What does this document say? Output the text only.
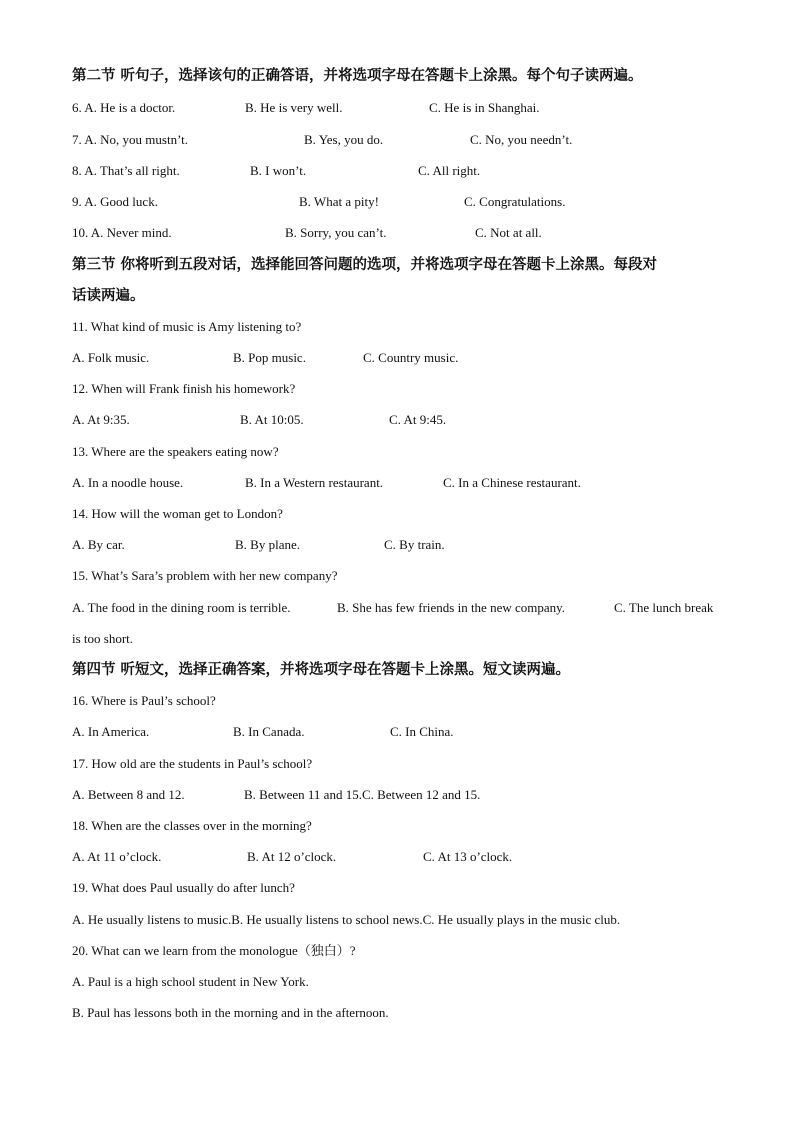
第二节 听句子，选择该句的正确答语，并将选项字母在答题卡上涂黑。每个句子读两遍。
6. A. He is a doctor.	B. He is very well.	C. He is in Shanghai.
7. A. No, you mustn’t.	B. Yes, you do.	C. No, you needn’t.
8. A. That’s all right.	B. I won’t.	C. All right.
9. A. Good luck.	B. What a pity!	C. Congratulations.
10. A. Never mind.	B. Sorry, you can’t.	C. Not at all.
第三节 你将听到五段对话，选择能回答问题的选项，并将选项字母在答题卡上涂黑。每段对
话读两遍。
11. What kind of music is Amy listening to?
A. Folk music.	B. Pop music.	C. Country music.
12. When will Frank finish his homework?
A. At 9:35.	B. At 10:05.	C. At 9:45.
13. Where are the speakers eating now?
A. In a noodle house.	B. In a Western restaurant.	C. In a Chinese restaurant.
14. How will the woman get to London?
A. By car.	B. By plane.	C. By train.
15. What’s Sara’s problem with her new company?
A. The food in the dining room is terrible.	B. She has few friends in the new company.	C. The lunch break
is too short.
第四节 听短文，选择正确答案，并将选项字母在答题卡上涂黑。短文读两遍。
16. Where is Paul’s school?
A. In America.	B. In Canada.	C. In China.
17. How old are the students in Paul’s school?
A. Between 8 and 12.	B. Between 11 and 15.C. Between 12 and 15.
18. When are the classes over in the morning?
A. At 11 o’clock.	B. At 12 o’clock.	C. At 13 o’clock.
19. What does Paul usually do after lunch?
A. He usually listens to music.B. He usually listens to school news.C. He usually plays in the music club.
20. What can we learn from the monologue（独白）?
A. Paul is a high school student in New York.
B. Paul has lessons both in the morning and in the afternoon.
